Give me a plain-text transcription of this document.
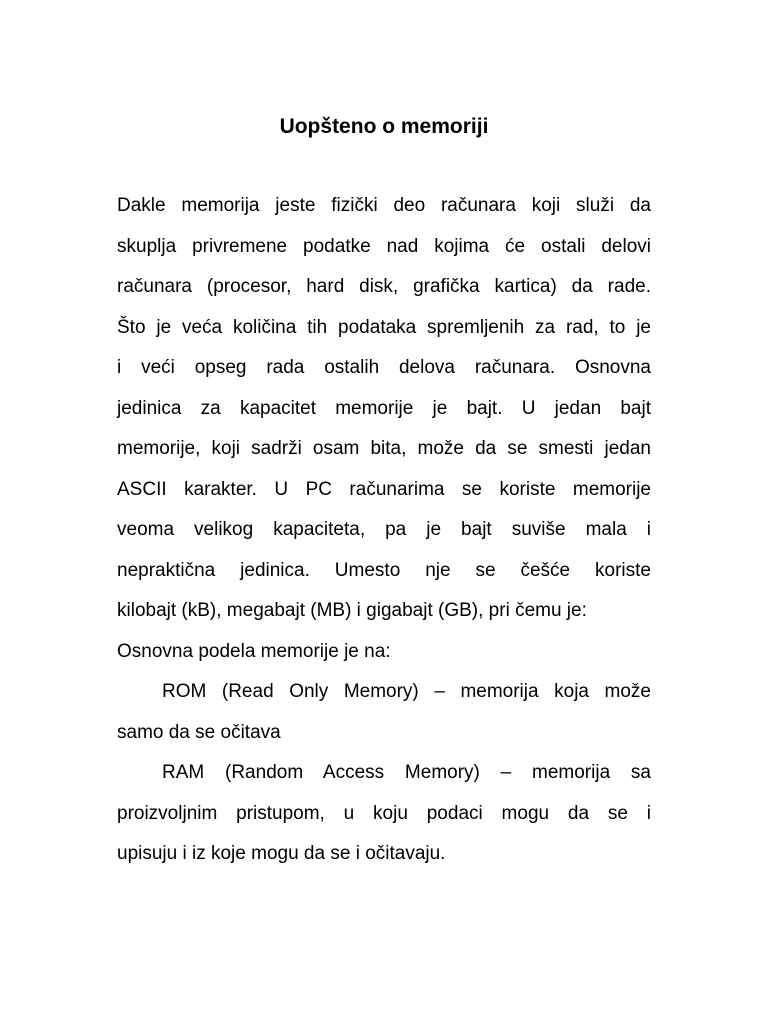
Uopšteno o memoriji
Dakle memorija jeste fizički deo računara koji služi da
skuplja privremene podatke nad kojima će ostali delovi
računara (procesor, hard disk, grafička kartica) da rade.
Što je veća količina tih podataka spremljenih za rad, to je
i veći opseg rada ostalih delova računara. Osnovna
jedinica za kapacitet memorije je bajt. U jedan bajt
memorije, koji sadrži osam bita, može da se smesti jedan
ASCII karakter. U PC računarima se koriste memorije
veoma velikog kapaciteta, pa je bajt suviše mala i
nepraktična jedinica. Umesto nje se češće koriste
kilobajt (kB), megabajt (MB) i gigabajt (GB), pri čemu je:
Osnovna podela memorije je na:
ROM (Read Only Memory) – memorija koja može
samo da se očitava
RAM (Random Access Memory) – memorija sa
proizvoljnim pristupom, u koju podaci mogu da se i
upisuju i iz koje mogu da se i očitavaju.
